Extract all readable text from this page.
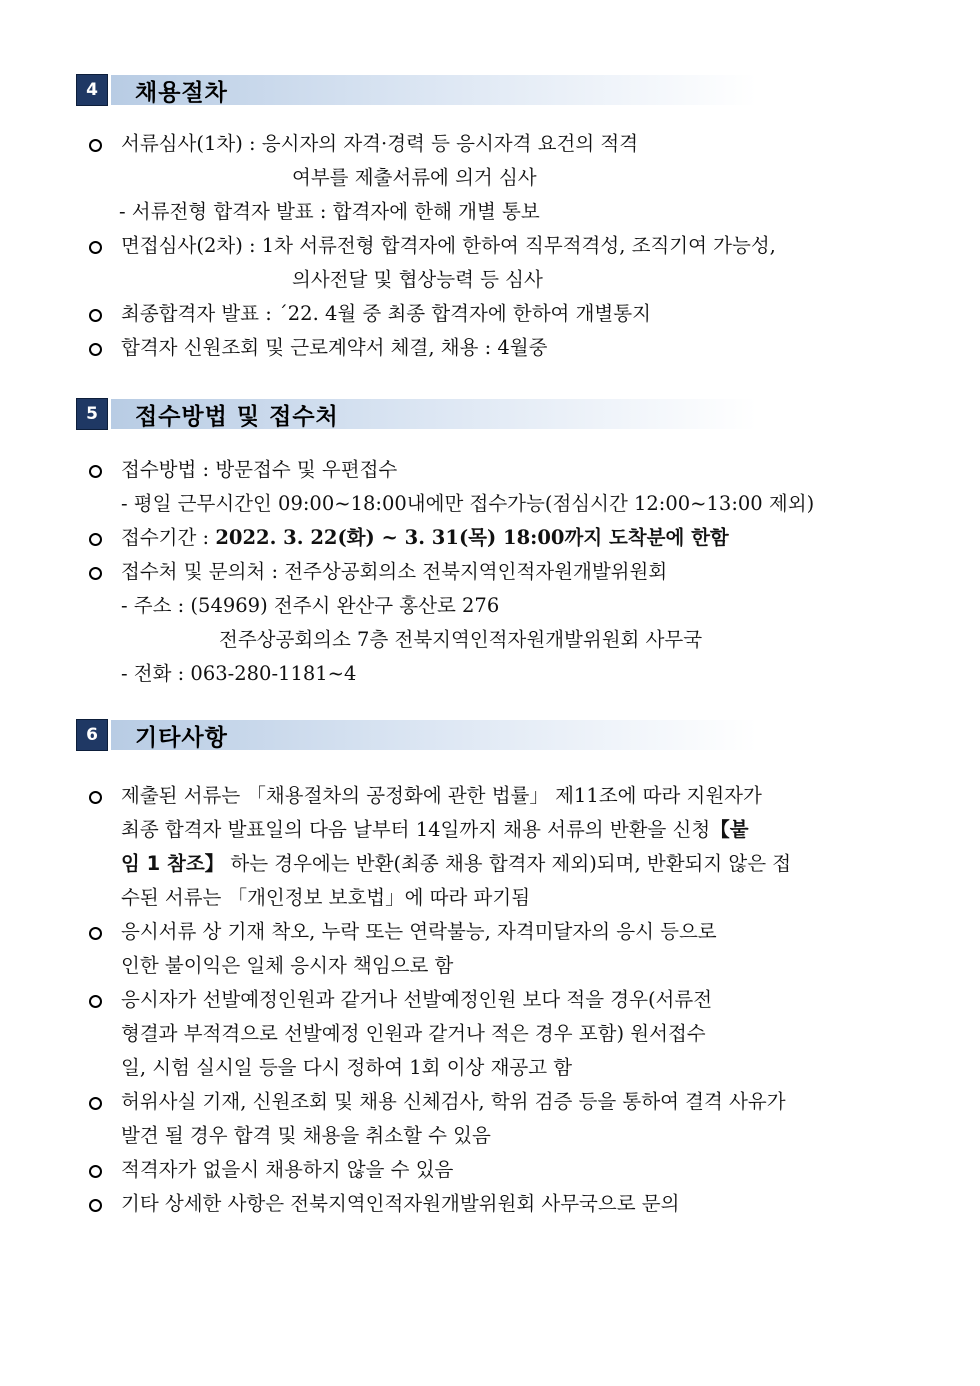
4	채용절차
서류심사(1차) : 응시자의 자격·경력 등 응시자격 요건의 적격
여부를 제출서류에 의거 심사
- 서류전형 합격자 발표 : 합격자에 한해 개별 통보
면접심사(2차) : 1차 서류전형 합격자에 한하여 직무적격성, 조직기여 가능성,
의사전달 및 협상능력 등 심사
최종합격자 발표 : ´22. 4월 중 최종 합격자에 한하여 개별통지
합격자 신원조회 및 근로계약서 체결, 채용 : 4월중
5	접수방법 및 접수처
접수방법 : 방문접수 및 우편접수
- 평일 근무시간인 09:00~18:00내에만 접수가능(점심시간 12:00~13:00 제외)
접수기간 : 2022. 3. 22(화) ~ 3. 31(목) 18:00까지 도착분에 한함
접수처 및 문의처 : 전주상공회의소 전북지역인적자원개발위원회
- 주소 : (54969) 전주시 완산구 홍산로 276
전주상공회의소 7층 전북지역인적자원개발위원회 사무국
- 전화 : 063-280-1181~4
6	기타사항
제출된 서류는 「채용절차의 공정화에 관한 법률」 제11조에 따라 지원자가
최종 합격자 발표일의 다음 날부터 14일까지 채용 서류의 반환을 신청【붙
임 1 참조】 하는 경우에는 반환(최종 채용 합격자 제외)되며, 반환되지 않은 접
수된 서류는 「개인정보 보호법」에 따라 파기됨
응시서류 상 기재 착오, 누락 또는 연락불능, 자격미달자의 응시 등으로
인한 불이익은 일체 응시자 책임으로 함
응시자가 선발예정인원과 같거나 선발예정인원 보다 적을 경우(서류전
형결과 부적격으로 선발예정 인원과 같거나 적은 경우 포함) 원서접수
일, 시험 실시일 등을 다시 정하여 1회 이상 재공고 함
허위사실 기재, 신원조회 및 채용 신체검사, 학위 검증 등을 통하여 결격 사유가
발견 될 경우 합격 및 채용을 취소할 수 있음
적격자가 없을시 채용하지 않을 수 있음
기타 상세한 사항은 전북지역인적자원개발위원회 사무국으로 문의
